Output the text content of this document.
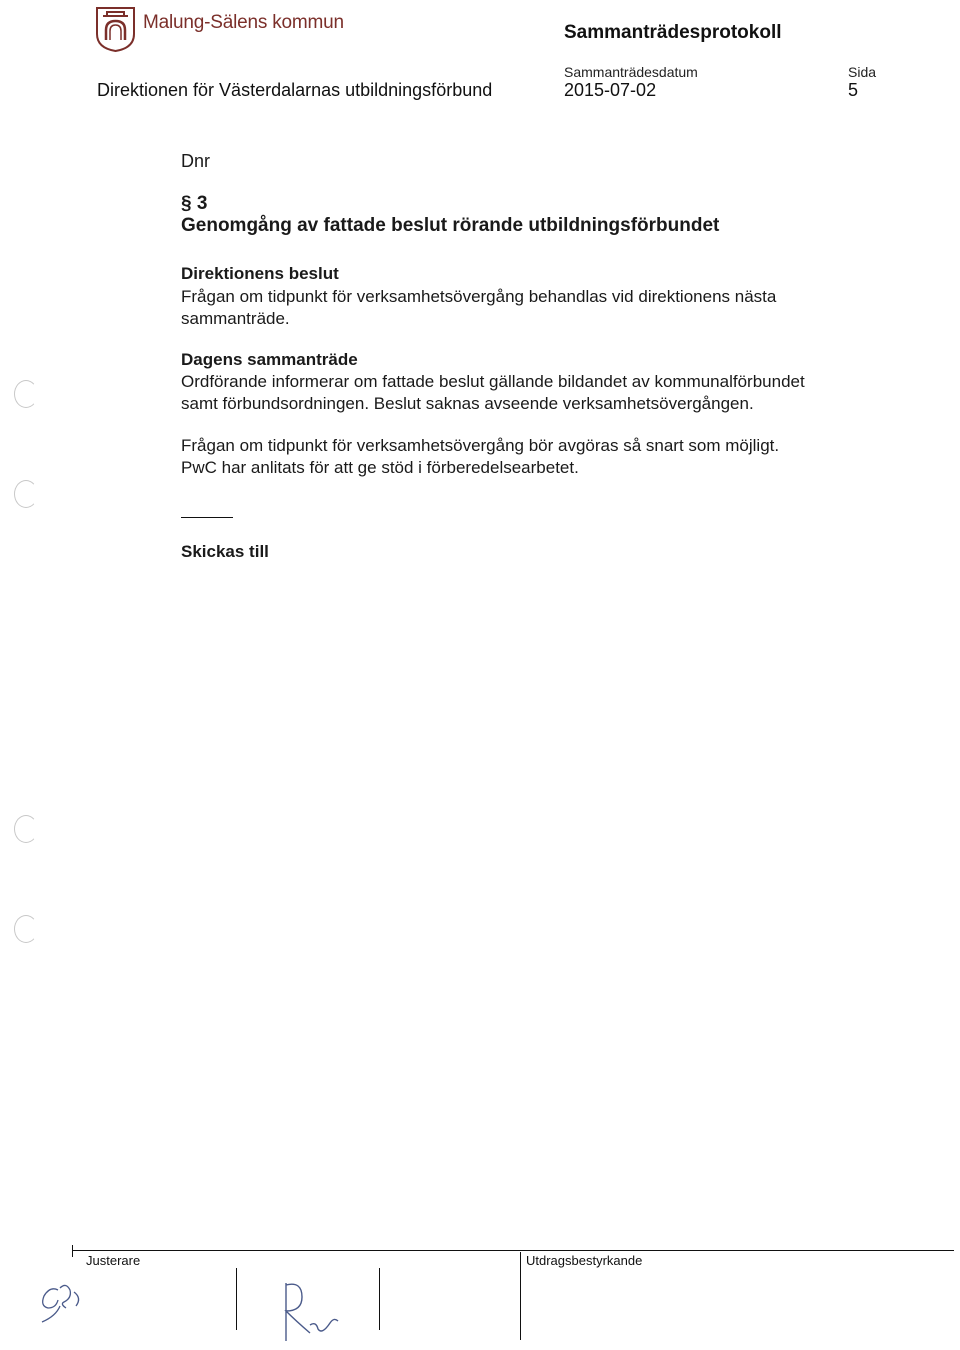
Malung-Sälens kommun	Sammanträdesprotokoll
Sammanträdesdatum	Sida
Direktionen för Västerdalarnas utbildningsförbund	2015-07-02	5
Dnr
§ 3
Genomgång av fattade beslut rörande utbildningsförbundet
Direktionens beslut
Frågan om tidpunkt för verksamhetsövergång behandlas vid direktionens nästa
sammanträde.
Dagens sammanträde
Ordförande informerar om fattade beslut gällande bildandet av kommunalförbundet
samt förbundsordningen. Beslut saknas avseende verksamhetsövergången.
Frågan om tidpunkt för verksamhetsövergång bör avgöras så snart som möjligt.
PwC har anlitats för att ge stöd i förberedelsearbetet.
Skickas till
Justerare	Utdragsbestyrkande
